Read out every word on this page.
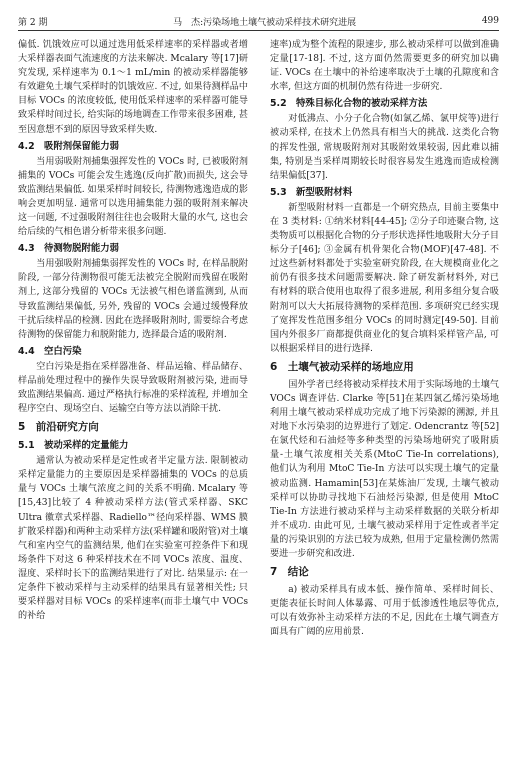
第 2 期	马　杰:污染场地土壤气被动采样技术研究进展	499

偏低. 饥饿效应可以通过选用低采样速率的采样器或者增大采样器表面气流速度的方法来解决. Mcalary 等[17]研究发现, 采样速率为 0.1～1 mL/min 的被动采样器能够有效避免土壤气采样时的饥饿效应. 不过, 如果待测样品中目标 VOCs 的浓度较低, 使用低采样速率的采样器可能导致采样时间过长, 给实际的场地调查工作带来很多困难, 甚至因意想不到的原因导致采样失败.

4.2　吸附剂保留能力弱

当用弱吸附剂捕集强挥发性的 VOCs 时, 已被吸附剂捕集的 VOCs 可能会发生逃逸(反向扩散)而损失, 这会导致监测结果偏低. 如果采样时间较长, 待测物逃逸造成的影响会更加明显. 通常可以选用捕集能力强的吸附剂来解决这一问题, 不过强吸附剂往往也会吸附大量的水气, 这也会给后续的气相色谱分析带来很多问题.

4.3　待测物脱附能力弱

当用强吸附剂捕集弱挥发性的 VOCs 时, 在样品脱附阶段, 一部分待测物很可能无法被完全脱附而残留在吸附剂上, 这部分残留的 VOCs 无法被气相色谱监测到, 从而导致监测结果偏低, 另外, 残留的 VOCs 会通过缓慢释放干扰后续样品的检测. 因此在选择吸附剂时, 需要综合考虑待测物的保留能力和脱附能力, 选择最合适的吸附剂.

4.4　空白污染

空白污染是指在采样器准备、样品运输、样品储存、样品前处理过程中的操作失误导致吸附剂被污染, 进而导致监测结果偏高. 通过严格执行标准的采样流程, 并增加全程序空白、现场空白、运输空白等方法以消除干扰.

5　前沿研究方向
5.1　被动采样的定量能力

通常认为被动采样是定性或者半定量方法. 限制被动采样定量能力的主要原因是采样器捕集的 VOCs 的总质量与 VOCs 土壤气浓度之间的关系不明确. Mcalary 等[15,43]比较了 4 种被动采样方法(管式采样器、SKC Ultra 徽章式采样器、Radiello™径向采样器、WMS 膜扩散采样器)和两种主动采样方法(采样罐和吸附管)对土壤气和室内空气的监测结果, 他们在实验室可控条件下和现场条件下对这 6 种采样技术在不同 VOCs 浓度、温度、湿度、采样时长下的监测结果进行了对比. 结果显示: 在一定条件下被动采样与主动采样的结果具有显著相关性; 只要采样器对目标 VOCs 的采样速率(而非土壤气中 VOCs 的补给

速率)成为整个流程的限速步, 那么被动采样可以做到准确定量[17-18]. 不过, 这方面仍然需要更多的研究加以确证. VOCs 在土壤中的补给速率取决于土壤的孔隙度和含水率, 但这方面的机制仍然有待进一步研究.

5.2　特殊目标化合物的被动采样方法

对低沸点、小分子化合物(如氯乙烯、氯甲烷等)进行被动采样, 在技术上仍然具有相当大的挑战. 这类化合物的挥发性强, 常规吸附剂对其吸附效果较弱, 因此难以捕集, 特别是当采样周期较长时很容易发生逃逸而造成检测结果偏低[37].

5.3　新型吸附材料

新型吸附材料一直都是一个研究热点, 目前主要集中在 3 类材料: ①纳米材料[44-45]; ②分子印迹聚合物, 这类物质可以根据化合物的分子形状选择性地吸附大分子目标分子[46]; ③金属有机骨架化合物(MOF)[47-48]. 不过这些新材料都处于实验室研究阶段, 在大规模商业化之前仍有很多技术问题需要解决. 除了研发新材料外, 对已有材料的联合使用也取得了很多进展, 利用多组分复合吸附剂可以大大拓展待测物的采样范围. 多项研究已经实现了宽挥发性范围多组分 VOCs 的同时测定[49-50]. 目前国内外很多厂商都提供商业化的复合填料采样管产品, 可以根据采样目的进行选择.

6　土壤气被动采样的场地应用

国外学者已经将被动采样技术用于实际场地的土壤气 VOCs 调查评估. Clarke 等[51]在某四氯乙烯污染场地利用土壤气被动采样成功完成了地下污染源的溯源, 并且对地下水污染羽的边界进行了划定. Odencrantz 等[52]在氯代烃和石油烃等多种类型的污染场地研究了吸附质量-土壤气浓度相关关系(MtoC Tie-In correlations), 他们认为利用 MtoC Tie-In 方法可以实现土壤气的定量被动监测. Hamamin[53]在某炼油厂发现, 土壤气被动采样可以协助寻找地下石油烃污染源, 但是使用 MtoC Tie-In 方法进行被动采样与主动采样数据的关联分析却并不成功. 由此可见, 土壤气被动采样用于定性或者半定量的污染识别的方法已较为成熟, 但用于定量检测仍然需要进一步研究和改进.

7　结论

a) 被动采样具有成本低、操作简单、采样时间长、更能表征长时间人体暴露、可用于低渗透性地层等优点, 可以有效弥补主动采样方法的不足, 因此在土壤气调查方面具有广阔的应用前景.
